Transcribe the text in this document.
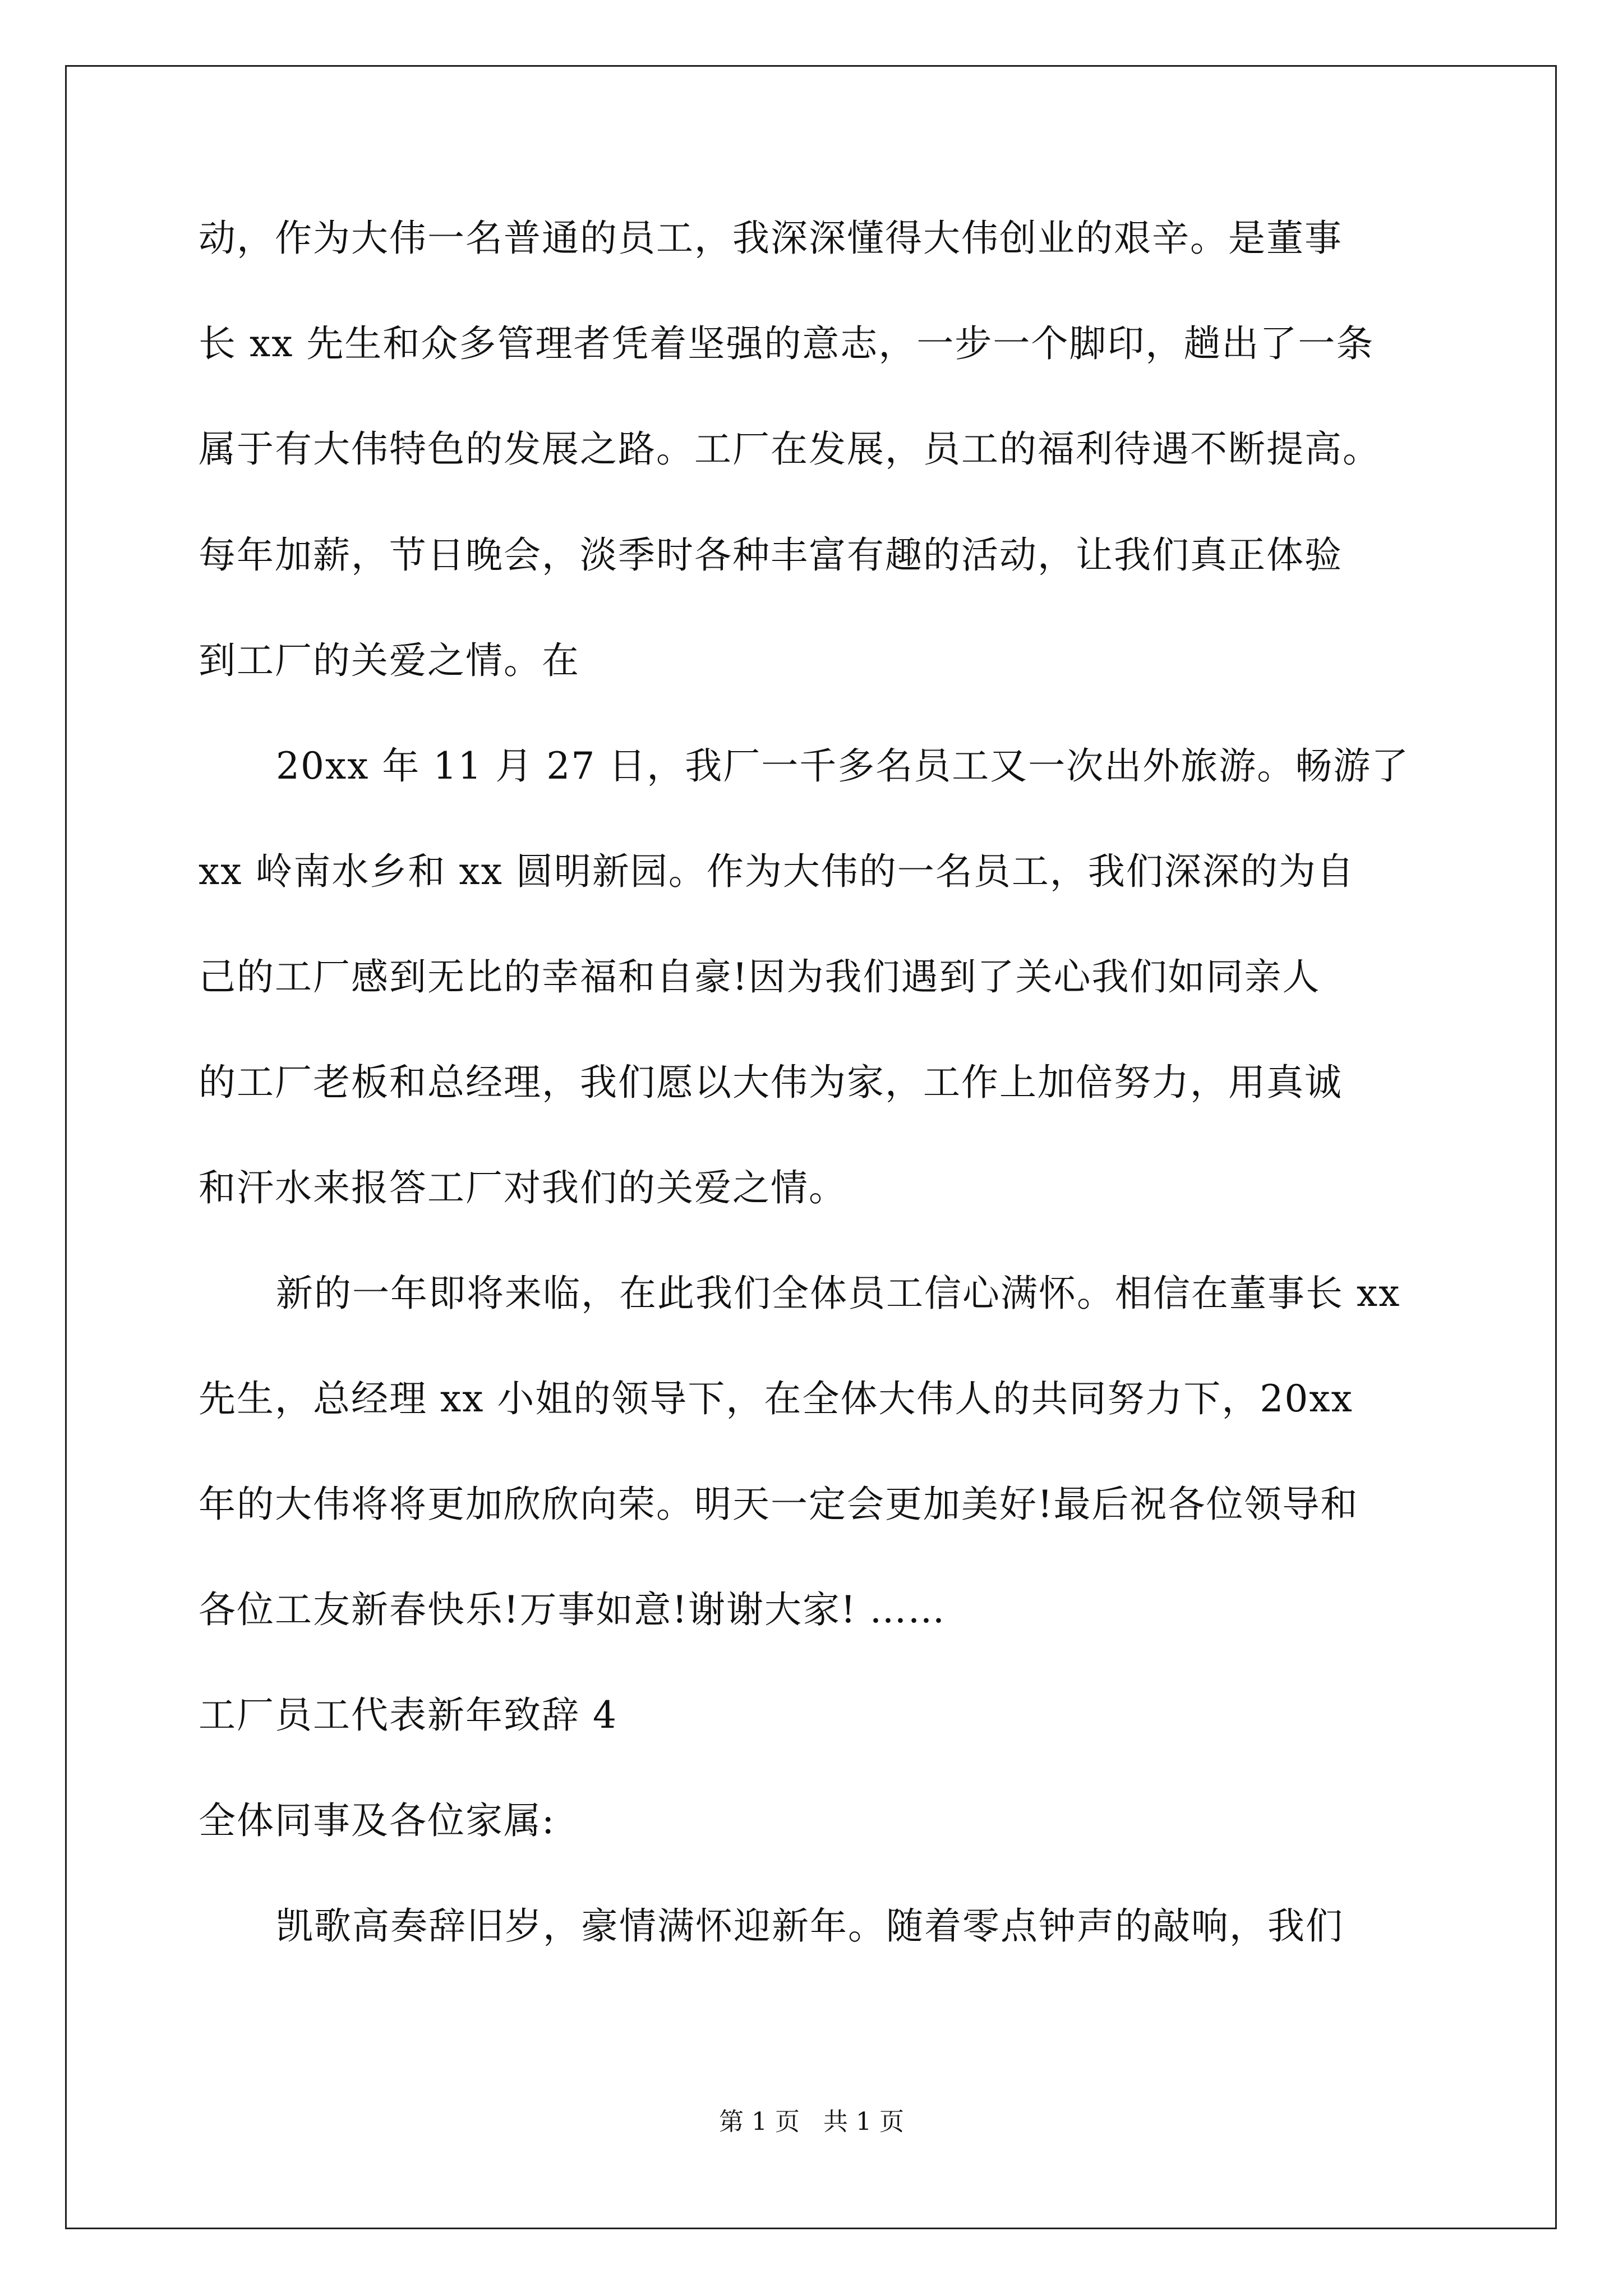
动，作为大伟一名普通的员工，我深深懂得大伟创业的艰辛。是董事
长 xx 先生和众多管理者凭着坚强的意志，一步一个脚印，趟出了一条
属于有大伟特色的发展之路。工厂在发展，员工的福利待遇不断提高。
每年加薪，节日晚会，淡季时各种丰富有趣的活动，让我们真正体验
到工厂的关爱之情。在
20xx 年 11 月 27 日，我厂一千多名员工又一次出外旅游。畅游了
xx 岭南水乡和 xx 圆明新园。作为大伟的一名员工，我们深深的为自
己的工厂感到无比的幸福和自豪!因为我们遇到了关心我们如同亲人
的工厂老板和总经理，我们愿以大伟为家，工作上加倍努力，用真诚
和汗水来报答工厂对我们的关爱之情。
新的一年即将来临，在此我们全体员工信心满怀。相信在董事长 xx
先生，总经理 xx 小姐的领导下，在全体大伟人的共同努力下，20xx
年的大伟将将更加欣欣向荣。明天一定会更加美好!最后祝各位领导和
各位工友新春快乐!万事如意!谢谢大家! ……
工厂员工代表新年致辞 4
全体同事及各位家属:
凯歌高奏辞旧岁，豪情满怀迎新年。随着零点钟声的敲响，我们
第 1 页   共 1 页
